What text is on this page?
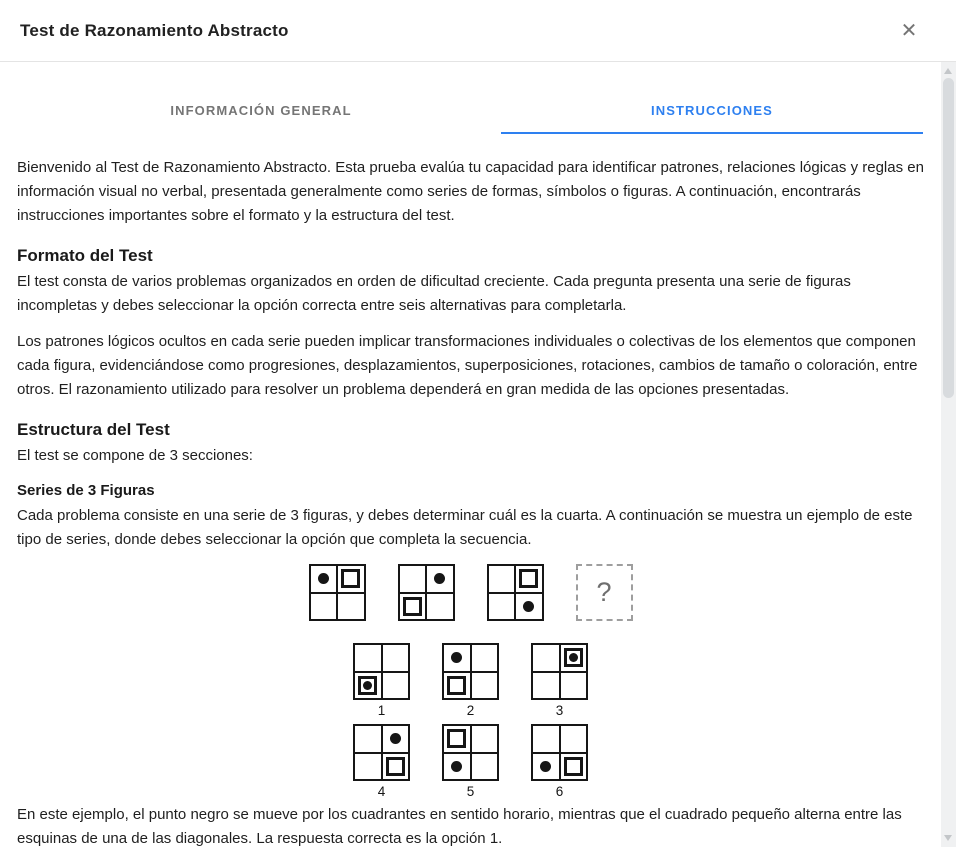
Test de Razonamiento Abstracto	✕
INFORMACIÓN GENERAL	INSTRUCCIONES

Bienvenido al Test de Razonamiento Abstracto. Esta prueba evalúa tu capacidad para identificar patrones, relaciones lógicas y reglas en información visual no verbal, presentada generalmente como series de formas, símbolos o figuras. A continuación, encontrarás instrucciones importantes sobre el formato y la estructura del test.

Formato del Test

El test consta de varios problemas organizados en orden de dificultad creciente. Cada pregunta presenta una serie de figuras incompletas y debes seleccionar la opción correcta entre seis alternativas para completarla.

Los patrones lógicos ocultos en cada serie pueden implicar transformaciones individuales o colectivas de los elementos que componen cada figura, evidenciándose como progresiones, desplazamientos, superposiciones, rotaciones, cambios de tamaño o coloración, entre otros. El razonamiento utilizado para resolver un problema dependerá en gran medida de las opciones presentadas.

Estructura del Test

El test se compone de 3 secciones:

Series de 3 Figuras

Cada problema consiste en una serie de 3 figuras, y debes determinar cuál es la cuarta. A continuación se muestra un ejemplo de este tipo de series, donde debes seleccionar la opción que completa la secuencia.

?
1	2	3
4	5	6

En este ejemplo, el punto negro se mueve por los cuadrantes en sentido horario, mientras que el cuadrado pequeño alterna entre las esquinas de una de las diagonales. La respuesta correcta es la opción 1.
